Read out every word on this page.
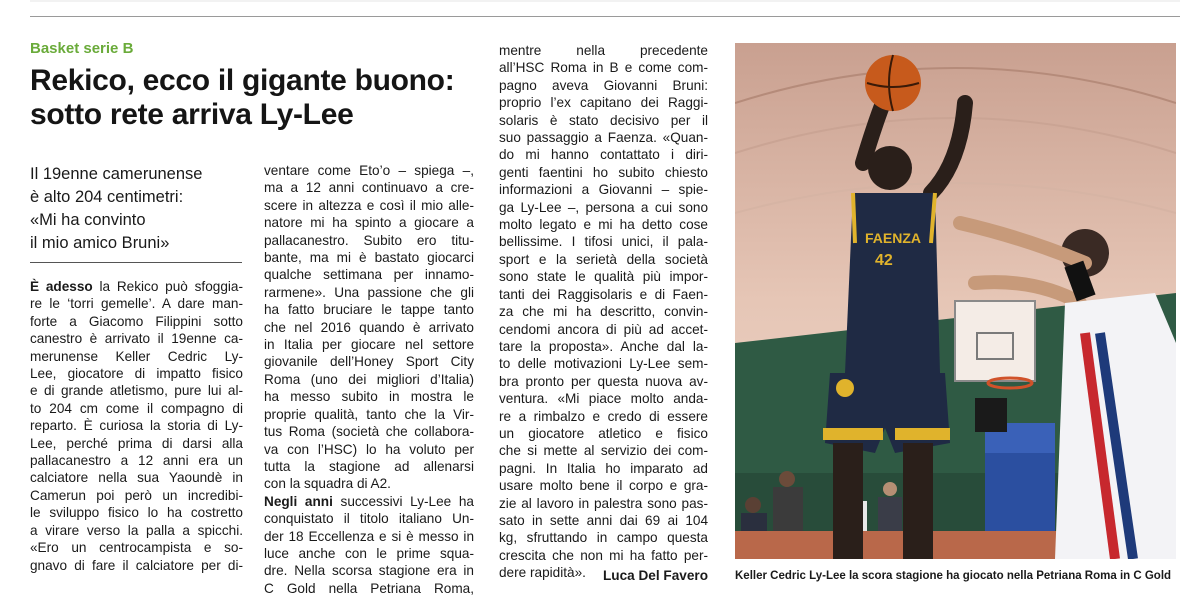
Basket serie B
Rekico, ecco il gigante buono:
sotto rete arriva Ly-Lee
Il 19enne camerunense
è alto 204 centimetri:
«Mi ha convinto
il mio amico Bruni»

È adesso la Rekico può sfoggia-

re le ‘torri gemelle’. A dare man-

forte a Giacomo Filippini sotto

canestro è arrivato il 19enne ca-

merunense Keller Cedric Ly-

Lee, giocatore di impatto fisico

e di grande atletismo, pure lui al-

to 204 cm come il compagno di

reparto. È curiosa la storia di Ly-

Lee, perché prima di darsi alla

pallacanestro a 12 anni era un

calciatore nella sua Yaoundè in

Camerun poi però un incredibi-

le sviluppo fisico lo ha costretto

a virare verso la palla a spicchi.

«Ero un centrocampista e so-

gnavo di fare il calciatore per di-

ventare come Eto’o – spiega –,

ma a 12 anni continuavo a cre-

scere in altezza e così il mio alle-

natore mi ha spinto a giocare a

pallacanestro. Subito ero titu-

bante, ma mi è bastato giocarci

qualche settimana per innamo-

rarmene». Una passione che gli

ha fatto bruciare le tappe tanto

che nel 2016 quando è arrivato

in Italia per giocare nel settore

giovanile dell’Honey Sport City

Roma (uno dei migliori d’Italia)

ha messo subito in mostra le

proprie qualità, tanto che la Vir-

tus Roma (società che collabora-

va con l’HSC) lo ha voluto per

tutta la stagione ad allenarsi

con la squadra di A2.

Negli anni successivi Ly-Lee ha

conquistato il titolo italiano Un-

der 18 Eccellenza e si è messo in

luce anche con le prime squa-

dre. Nella scorsa stagione era in

C Gold nella Petriana Roma,

mentre nella precedente

all’HSC Roma in B e come com-

pagno aveva Giovanni Bruni:

proprio l’ex capitano dei Raggi-

solaris è stato decisivo per il

suo passaggio a Faenza. «Quan-

do mi hanno contattato i diri-

genti faentini ho subito chiesto

informazioni a Giovanni – spie-

ga Ly-Lee –, persona a cui sono

molto legato e mi ha detto cose

bellissime. I tifosi unici, il pala-

sport e la serietà della società

sono state le qualità più impor-

tanti dei Raggisolaris e di Faen-

za che mi ha descritto, convin-

cendomi ancora di più ad accet-

tare la proposta». Anche dal la-

to delle motivazioni Ly-Lee sem-

bra pronto per questa nuova av-

ventura. «Mi piace molto anda-

re a rimbalzo e credo di essere

un giocatore atletico e fisico

che si mette al servizio dei com-

pagni. In Italia ho imparato ad

usare molto bene il corpo e gra-

zie al lavoro in palestra sono pas-

sato in sette anni dai 69 ai 104

kg, sfruttando in campo questa

crescita che non mi ha fatto per-

dere rapidità».	Luca Del Favero
FAENZA
42
Keller Cedric Ly-Lee la scora stagione ha giocato nella Petriana Roma in C Gold
